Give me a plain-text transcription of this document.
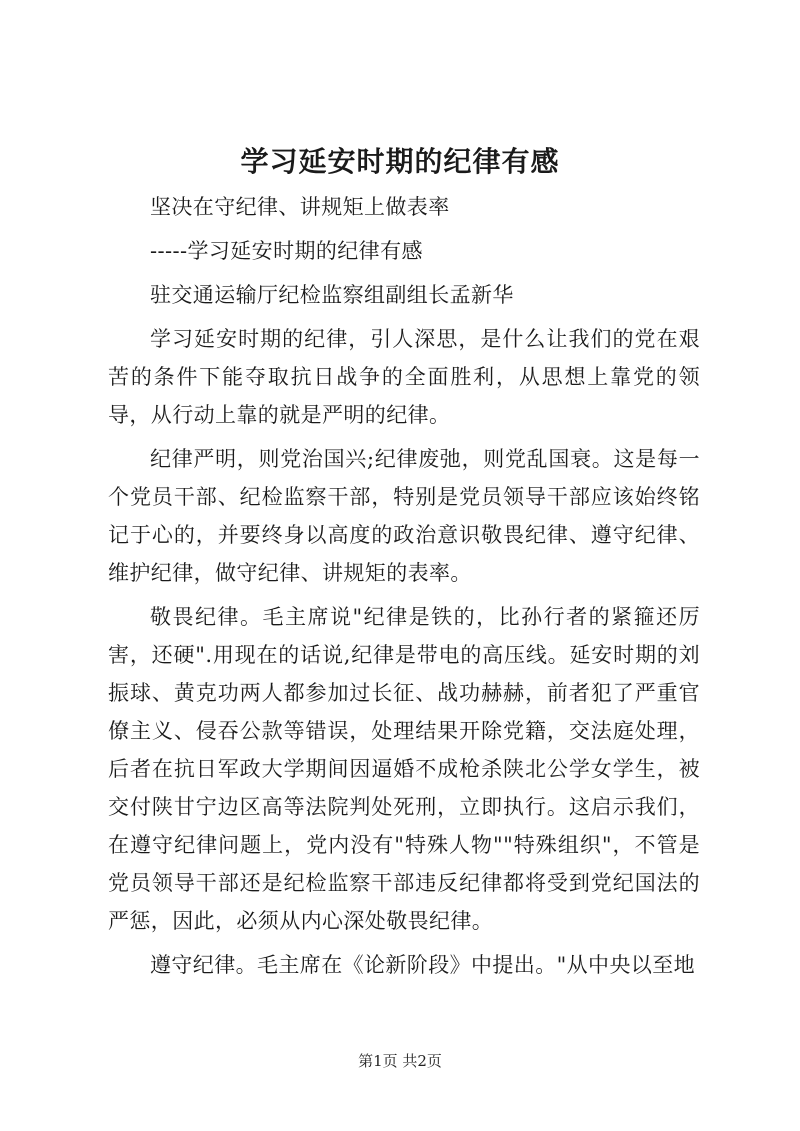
学习延安时期的纪律有感

坚决在守纪律、讲规矩上做表率

-----学习延安时期的纪律有感

驻交通运输厅纪检监察组副组长孟新华

学习延安时期的纪律，引人深思，是什么让我们的党在艰苦的条件下能夺取抗日战争的全面胜利，从思想上靠党的领导，从行动上靠的就是严明的纪律。

纪律严明，则党治国兴;纪律废弛，则党乱国衰。这是每一个党员干部、纪检监察干部，特别是党员领导干部应该始终铭记于心的，并要终身以高度的政治意识敬畏纪律、遵守纪律、维护纪律，做守纪律、讲规矩的表率。

敬畏纪律。毛主席说"纪律是铁的，比孙行者的紧箍还厉害，还硬".用现在的话说,纪律是带电的高压线。延安时期的刘振球、黄克功两人都参加过长征、战功赫赫，前者犯了严重官僚主义、侵吞公款等错误，处理结果开除党籍，交法庭处理，后者在抗日军政大学期间因逼婚不成枪杀陕北公学女学生，被交付陕甘宁边区高等法院判处死刑，立即执行。这启示我们，在遵守纪律问题上，党内没有"特殊人物""特殊组织"，不管是党员领导干部还是纪检监察干部违反纪律都将受到党纪国法的严惩，因此，必须从内心深处敬畏纪律。

遵守纪律。毛主席在《论新阶段》中提出。"从中央以至地

第1页 共2页
